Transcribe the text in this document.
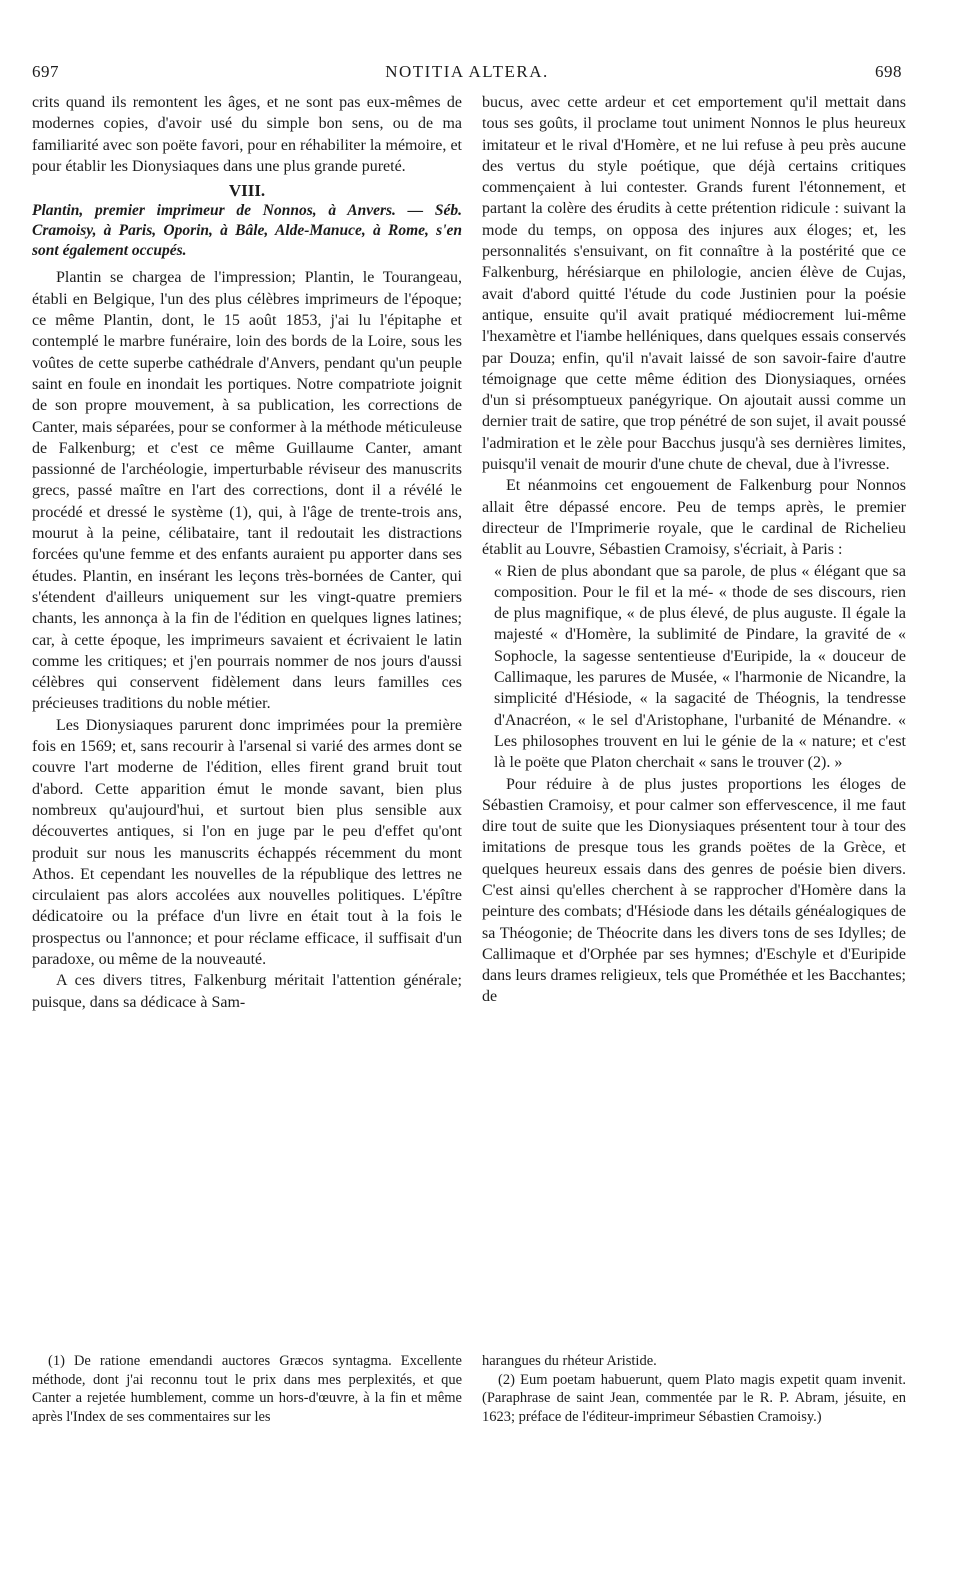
697	NOTITIA ALTERA.	698

crits quand ils remontent les âges, et ne sont pas eux-mêmes de modernes copies, d'avoir usé du simple bon sens, ou de ma familiarité avec son poëte favori, pour en réhabiliter la mémoire, et pour établir les Dionysiaques dans une plus grande pureté.

VIII.
Plantin, premier imprimeur de Nonnos, à Anvers. — Séb. Cramoisy, à Paris, Oporin, à Bâle, Alde-Manuce, à Rome, s'en sont également occupés.

Plantin se chargea de l'impression; Plantin, le Tourangeau, établi en Belgique, l'un des plus célèbres imprimeurs de l'époque; ce même Plantin, dont, le 15 août 1853, j'ai lu l'épitaphe et contemplé le marbre funéraire, loin des bords de la Loire, sous les voûtes de cette superbe cathédrale d'Anvers, pendant qu'un peuple saint en foule en inondait les portiques. Notre compatriote joignit de son propre mouvement, à sa publication, les corrections de Canter, mais séparées, pour se conformer à la méthode méticuleuse de Falkenburg; et c'est ce même Guillaume Canter, amant passionné de l'archéologie, imperturbable réviseur des manuscrits grecs, passé maître en l'art des corrections, dont il a révélé le procédé et dressé le système (1), qui, à l'âge de trente-trois ans, mourut à la peine, célibataire, tant il redoutait les distractions forcées qu'une femme et des enfants auraient pu apporter dans ses études. Plantin, en insérant les leçons très-bornées de Canter, qui s'étendent d'ailleurs uniquement sur les vingt-quatre premiers chants, les annonça à la fin de l'édition en quelques lignes latines; car, à cette époque, les imprimeurs savaient et écrivaient le latin comme les critiques; et j'en pourrais nommer de nos jours d'aussi célèbres qui conservent fidèlement dans leurs familles ces précieuses traditions du noble métier.

Les Dionysiaques parurent donc imprimées pour la première fois en 1569; et, sans recourir à l'arsenal si varié des armes dont se couvre l'art moderne de l'édition, elles firent grand bruit tout d'abord. Cette apparition émut le monde savant, bien plus nombreux qu'aujourd'hui, et surtout bien plus sensible aux découvertes antiques, si l'on en juge par le peu d'effet qu'ont produit sur nous les manuscrits échappés récemment du mont Athos. Et cependant les nouvelles de la république des lettres ne circulaient pas alors accolées aux nouvelles politiques. L'épître dédicatoire ou la préface d'un livre en était tout à la fois le prospectus ou l'annonce; et pour réclame efficace, il suffisait d'un paradoxe, ou même de la nouveauté.

A ces divers titres, Falkenburg méritait l'attention générale; puisque, dans sa dédicace à Sam-

bucus, avec cette ardeur et cet emportement qu'il mettait dans tous ses goûts, il proclame tout uniment Nonnos le plus heureux imitateur et le rival d'Homère, et ne lui refuse à peu près aucune des vertus du style poétique, que déjà certains critiques commençaient à lui contester. Grands furent l'étonnement, et partant la colère des érudits à cette prétention ridicule : suivant la mode du temps, on opposa des injures aux éloges; et, les personnalités s'ensuivant, on fit connaître à la postérité que ce Falkenburg, hérésiarque en philologie, ancien élève de Cujas, avait d'abord quitté l'étude du code Justinien pour la poésie antique, ensuite qu'il avait pratiqué médiocrement lui-même l'hexamètre et l'iambe helléniques, dans quelques essais conservés par Douza; enfin, qu'il n'avait laissé de son savoir-faire d'autre témoignage que cette même édition des Dionysiaques, ornées d'un si présomptueux panégyrique. On ajoutait aussi comme un dernier trait de satire, que trop pénétré de son sujet, il avait poussé l'admiration et le zèle pour Bacchus jusqu'à ses dernières limites, puisqu'il venait de mourir d'une chute de cheval, due à l'ivresse.

Et néanmoins cet engouement de Falkenburg pour Nonnos allait être dépassé encore. Peu de temps après, le premier directeur de l'Imprimerie royale, que le cardinal de Richelieu établit au Louvre, Sébastien Cramoisy, s'écriait, à Paris :

« Rien de plus abondant que sa parole, de plus « élégant que sa composition. Pour le fil et la mé- « thode de ses discours, rien de plus magnifique, « de plus élevé, de plus auguste. Il égale la majesté « d'Homère, la sublimité de Pindare, la gravité de « Sophocle, la sagesse sententieuse d'Euripide, la « douceur de Callimaque, les parures de Musée, « l'harmonie de Nicandre, la simplicité d'Hésiode, « la sagacité de Théognis, la tendresse d'Anacréon, « le sel d'Aristophane, l'urbanité de Ménandre. « Les philosophes trouvent en lui le génie de la « nature; et c'est là le poëte que Platon cherchait « sans le trouver (2). »

Pour réduire à de plus justes proportions les éloges de Sébastien Cramoisy, et pour calmer son effervescence, il me faut dire tout de suite que les Dionysiaques présentent tour à tour des imitations de presque tous les grands poëtes de la Grèce, et quelques heureux essais dans des genres de poésie bien divers. C'est ainsi qu'elles cherchent à se rapprocher d'Homère dans la peinture des combats; d'Hésiode dans les détails généalogiques de sa Théogonie; de Théocrite dans les divers tons de ses Idylles; de Callimaque et d'Orphée par ses hymnes; d'Eschyle et d'Euripide dans leurs drames religieux, tels que Prométhée et les Bacchantes; de

(1) De ratione emendandi auctores Græcos syntagma. Excellente méthode, dont j'ai reconnu tout le prix dans mes perplexités, et que Canter a rejetée humblement, comme un hors-d'œuvre, à la fin et même après l'Index de ses commentaires sur les

harangues du rhéteur Aristide.

(2) Eum poetam habuerunt, quem Plato magis expetit quam invenit. (Paraphrase de saint Jean, commentée par le R. P. Abram, jésuite, en 1623; préface de l'éditeur-imprimeur Sébastien Cramoisy.)
